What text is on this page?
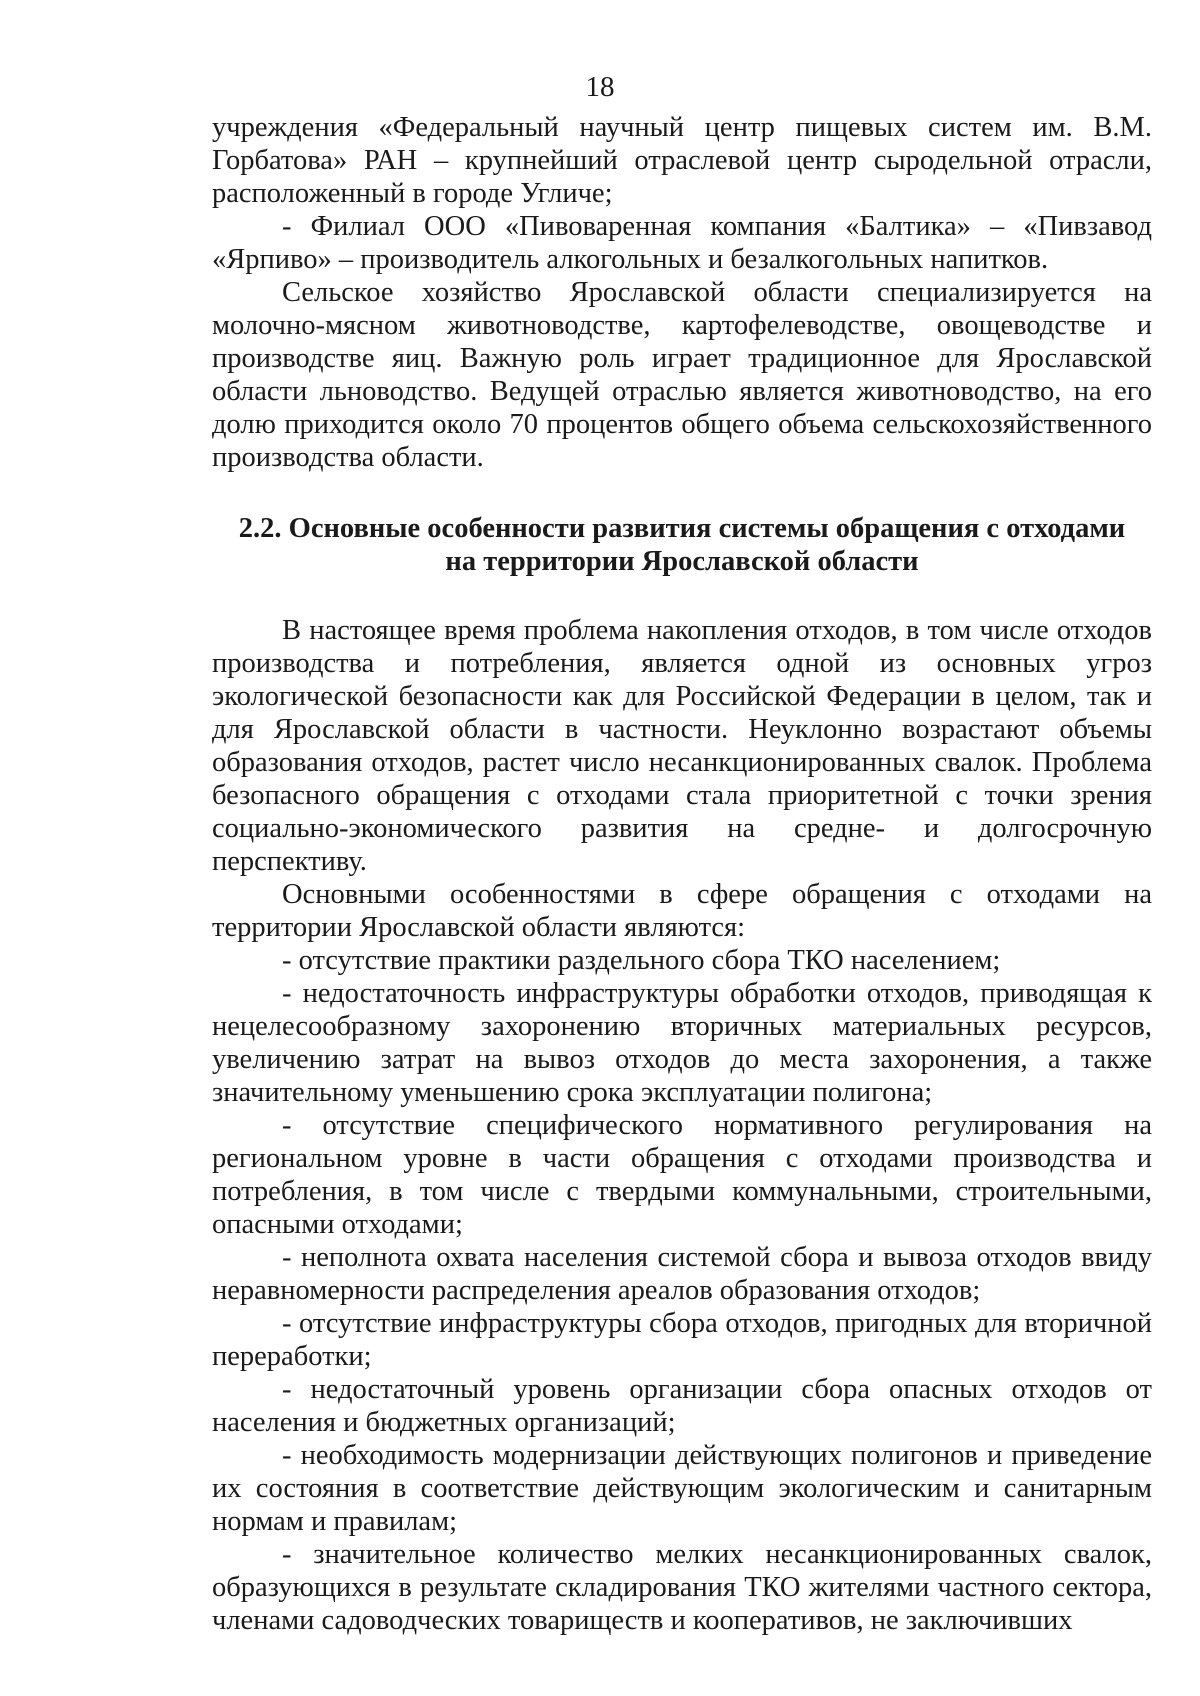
18

учреждения «Федеральный научный центр пищевых систем им. В.М. Горбатова» РАН – крупнейший отраслевой центр сыродельной отрасли, расположенный в городе Угличе;

- Филиал ООО «Пивоваренная компания «Балтика» – «Пивзавод «Ярпиво» – производитель алкогольных и безалкогольных напитков.

Сельское хозяйство Ярославской области специализируется на молочно-мясном животноводстве, картофелеводстве, овощеводстве и производстве яиц. Важную роль играет традиционное для Ярославской области льноводство. Ведущей отраслью является животноводство, на его долю приходится около 70 процентов общего объема сельскохозяйственного производства области.

2.2. Основные особенности развития системы обращения с отходами
на территории Ярославской области

В настоящее время проблема накопления отходов, в том числе отходов производства и потребления, является одной из основных угроз экологической безопасности как для Российской Федерации в целом, так и для Ярославской области в частности. Неуклонно возрастают объемы образования отходов, растет число несанкционированных свалок. Проблема безопасного обращения с отходами стала приоритетной с точки зрения социально-экономического развития на средне- и долгосрочную перспективу.

Основными особенностями в сфере обращения с отходами на территории Ярославской области являются:

- отсутствие практики раздельного сбора ТКО населением;

- недостаточность инфраструктуры обработки отходов, приводящая к нецелесообразному захоронению вторичных материальных ресурсов, увеличению затрат на вывоз отходов до места захоронения, а также значительному уменьшению срока эксплуатации полигона;

- отсутствие специфического нормативного регулирования на региональном уровне в части обращения с отходами производства и потребления, в том числе с твердыми коммунальными, строительными, опасными отходами;

- неполнота охвата населения системой сбора и вывоза отходов ввиду неравномерности распределения ареалов образования отходов;

- отсутствие инфраструктуры сбора отходов, пригодных для вторичной переработки;

- недостаточный уровень организации сбора опасных отходов от населения и бюджетных организаций;

- необходимость модернизации действующих полигонов и приведение их состояния в соответствие действующим экологическим и санитарным нормам и правилам;

- значительное количество мелких несанкционированных свалок, образующихся в результате складирования ТКО жителями частного сектора, членами садоводческих товариществ и кооперативов, не заключивших
